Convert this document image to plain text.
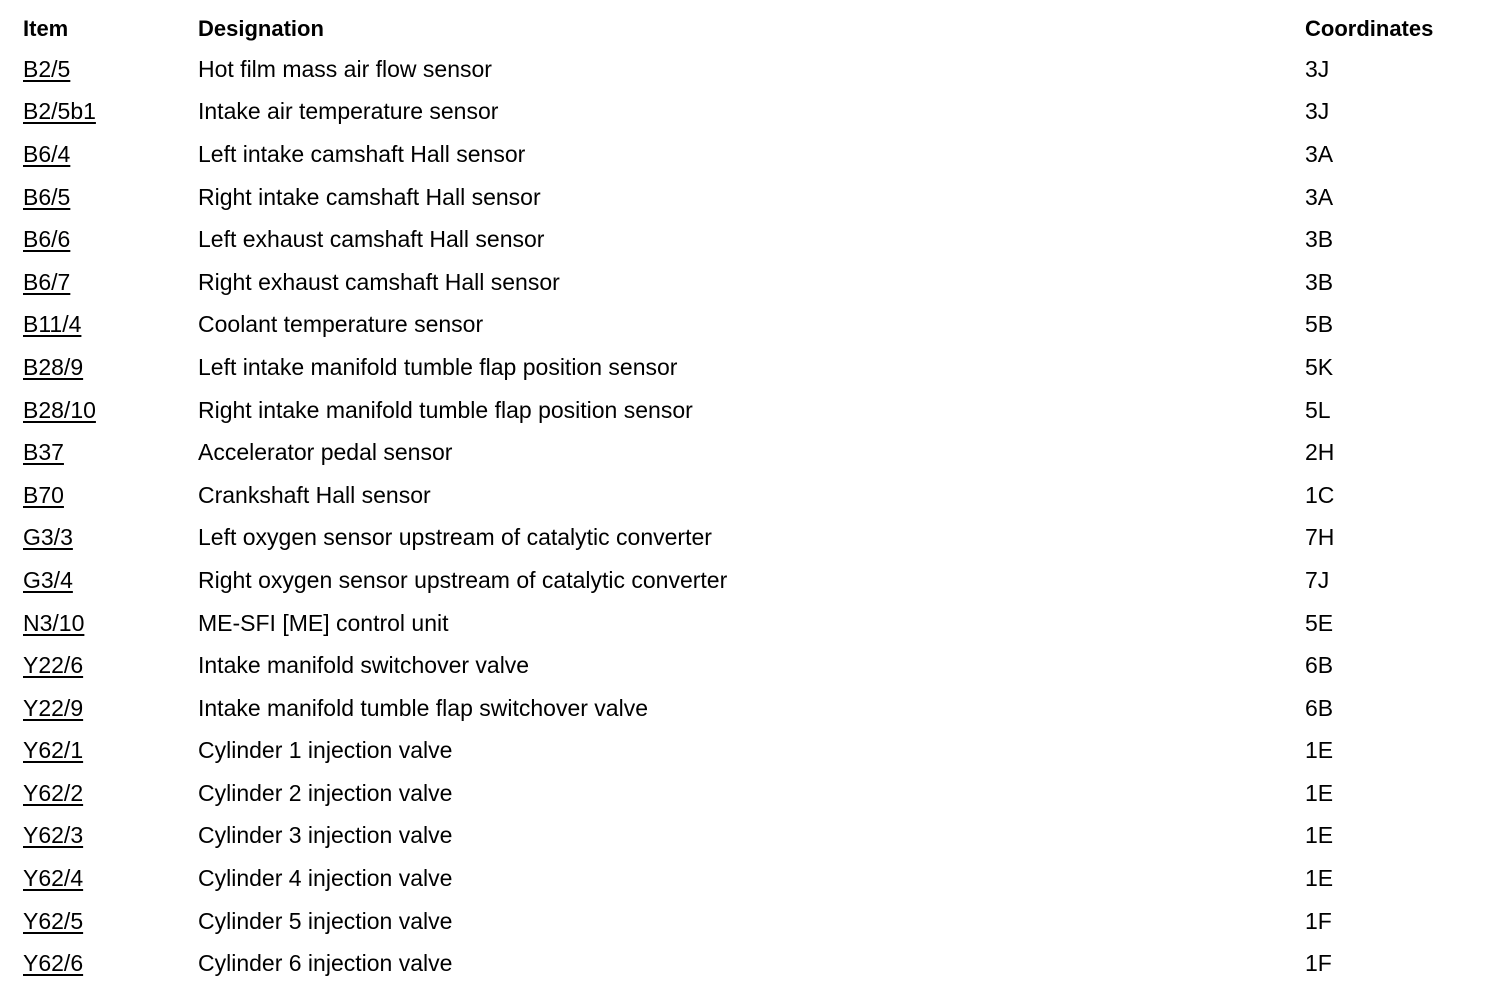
Item	Designation	Coordinates
B2/5	Hot film mass air flow sensor	3J
B2/5b1	Intake air temperature sensor	3J
B6/4	Left intake camshaft Hall sensor	3A
B6/5	Right intake camshaft Hall sensor	3A
B6/6	Left exhaust camshaft Hall sensor	3B
B6/7	Right exhaust camshaft Hall sensor	3B
B11/4	Coolant temperature sensor	5B
B28/9	Left intake manifold tumble flap position sensor	5K
B28/10	Right intake manifold tumble flap position sensor	5L
B37	Accelerator pedal sensor	2H
B70	Crankshaft Hall sensor	1C
G3/3	Left oxygen sensor upstream of catalytic converter	7H
G3/4	Right oxygen sensor upstream of catalytic converter	7J
N3/10	ME-SFI [ME] control unit	5E
Y22/6	Intake manifold switchover valve	6B
Y22/9	Intake manifold tumble flap switchover valve	6B
Y62/1	Cylinder 1 injection valve	1E
Y62/2	Cylinder 2 injection valve	1E
Y62/3	Cylinder 3 injection valve	1E
Y62/4	Cylinder 4 injection valve	1E
Y62/5	Cylinder 5 injection valve	1F
Y62/6	Cylinder 6 injection valve	1F
